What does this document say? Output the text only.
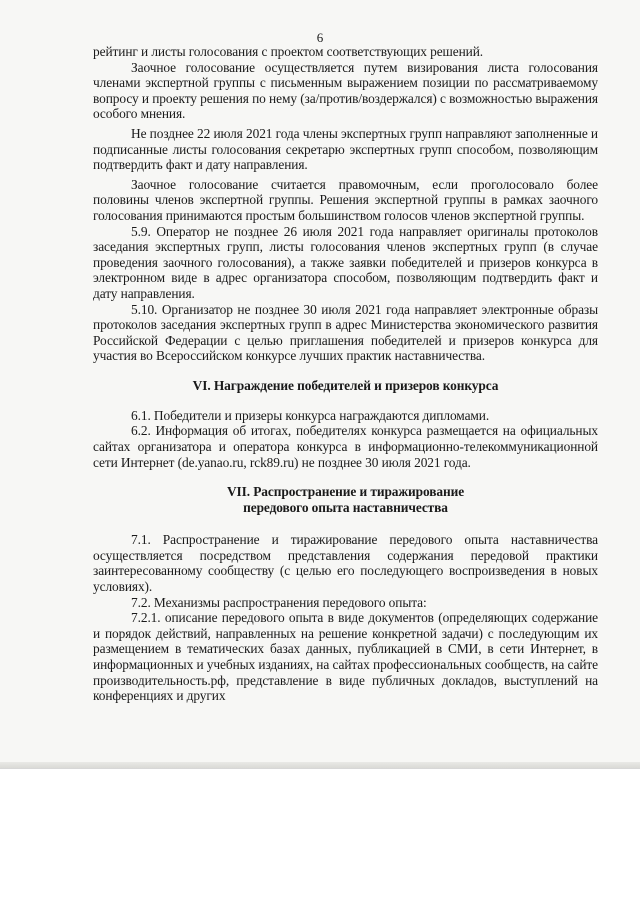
6

рейтинг и листы голосования с проектом соответствующих решений.

Заочное голосование осуществляется путем визирования листа голосования членами экспертной группы с письменным выражением позиции по рассматриваемому вопросу и проекту решения по нему (за/против/воздержался) с возможностью выражения особого мнения.

Не позднее 22 июля 2021 года члены экспертных групп направляют заполненные и подписанные листы голосования секретарю экспертных групп способом, позволяющим подтвердить факт и дату направления.

Заочное голосование считается правомочным, если проголосовало более половины членов экспертной группы. Решения экспертной группы в рамках заочного голосования принимаются простым большинством голосов членов экспертной группы.

5.9. Оператор не позднее 26 июля 2021 года направляет оригиналы протоколов заседания экспертных групп, листы голосования членов экспертных групп (в случае проведения заочного голосования), а также заявки победителей и призеров конкурса в электронном виде в адрес организатора способом, позволяющим подтвердить факт и дату направления.

5.10. Организатор не позднее 30 июля 2021 года направляет электронные образы протоколов заседания экспертных групп в адрес Министерства экономического развития Российской Федерации с целью приглашения победителей и призеров конкурса для участия во Всероссийском конкурсе лучших практик наставничества.

VI. Награждение победителей и призеров конкурса

6.1. Победители и призеры конкурса награждаются дипломами.

6.2. Информация об итогах, победителях конкурса размещается на официальных сайтах организатора и оператора конкурса в информационно-телекоммуникационной сети Интернет (de.yanao.ru, rck89.ru) не позднее 30 июля 2021 года.

VII. Распространение и тиражирование
передового опыта наставничества

7.1. Распространение и тиражирование передового опыта наставничества осуществляется посредством представления содержания передовой практики заинтересованному сообществу (с целью его последующего воспроизведения в новых условиях).

7.2. Механизмы распространения передового опыта:

7.2.1. описание передового опыта в виде документов (определяющих содержание и порядок действий, направленных на решение конкретной задачи) с последующим их размещением в тематических базах данных, публикацией в СМИ, в сети Интернет, в информационных и учебных изданиях, на сайтах профессиональных сообществ, на сайте производительность.рф, представление в виде публичных докладов, выступлений на конференциях и других
